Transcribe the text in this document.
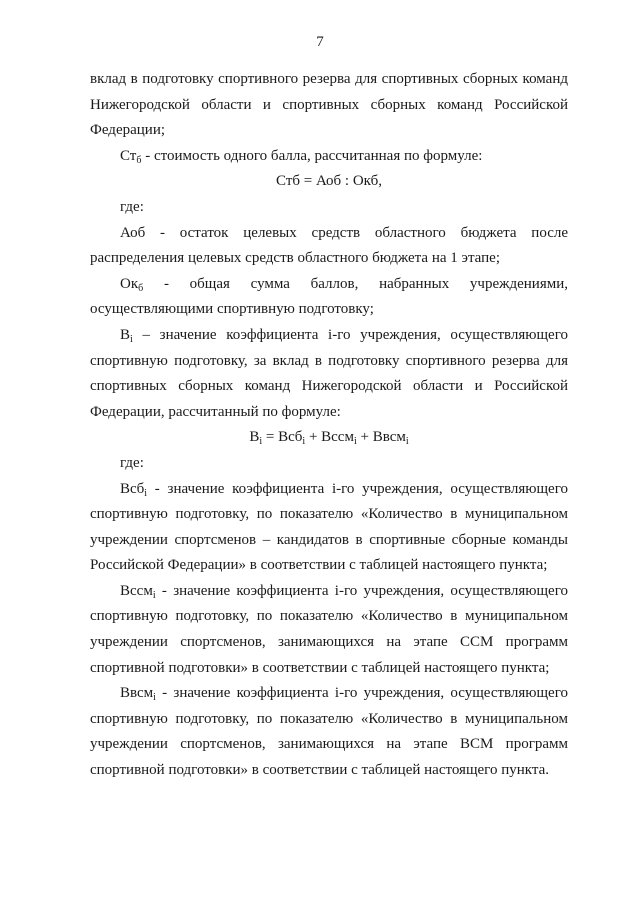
7

вклад в подготовку спортивного резерва для спортивных сборных команд Нижегородской области и спортивных сборных команд Российской Федерации;

$Ст_б$ - стоимость одного балла, рассчитанная по формуле:

Стб = Аоб : Окб,

где:

Аоб - остаток целевых средств областного бюджета после распределения целевых средств областного бюджета на 1 этапе;

$Ок_б$ - общая сумма баллов, набранных учреждениями, осуществляющими спортивную подготовку;

$В_i$ – значение коэффициента i-го учреждения, осуществляющего спортивную подготовку, за вклад в подготовку спортивного резерва для спортивных сборных команд Нижегородской области и Российской Федерации, рассчитанный по формуле:

$В_i = Вcб_i$ + Вcсм$_i$ + Ввсм$_i$

где:

Вcб$_i$ - значение коэффициента i-го учреждения, осуществляющего спортивную подготовку, по показателю «Количество в муниципальном учреждении спортсменов – кандидатов в спортивные сборные команды Российской Федерации» в соответствии с таблицей настоящего пункта;

Вcсм$_i$ - значение коэффициента i-го учреждения, осуществляющего спортивную подготовку, по показателю «Количество в муниципальном учреждении спортсменов, занимающихся на этапе ССМ программ спортивной подготовки» в соответствии с таблицей настоящего пункта;

Ввсм$_i$ - значение коэффициента i-го учреждения, осуществляющего спортивную подготовку, по показателю «Количество в муниципальном учреждении спортсменов, занимающихся на этапе ВСМ программ спортивной подготовки» в соответствии с таблицей настоящего пункта.
